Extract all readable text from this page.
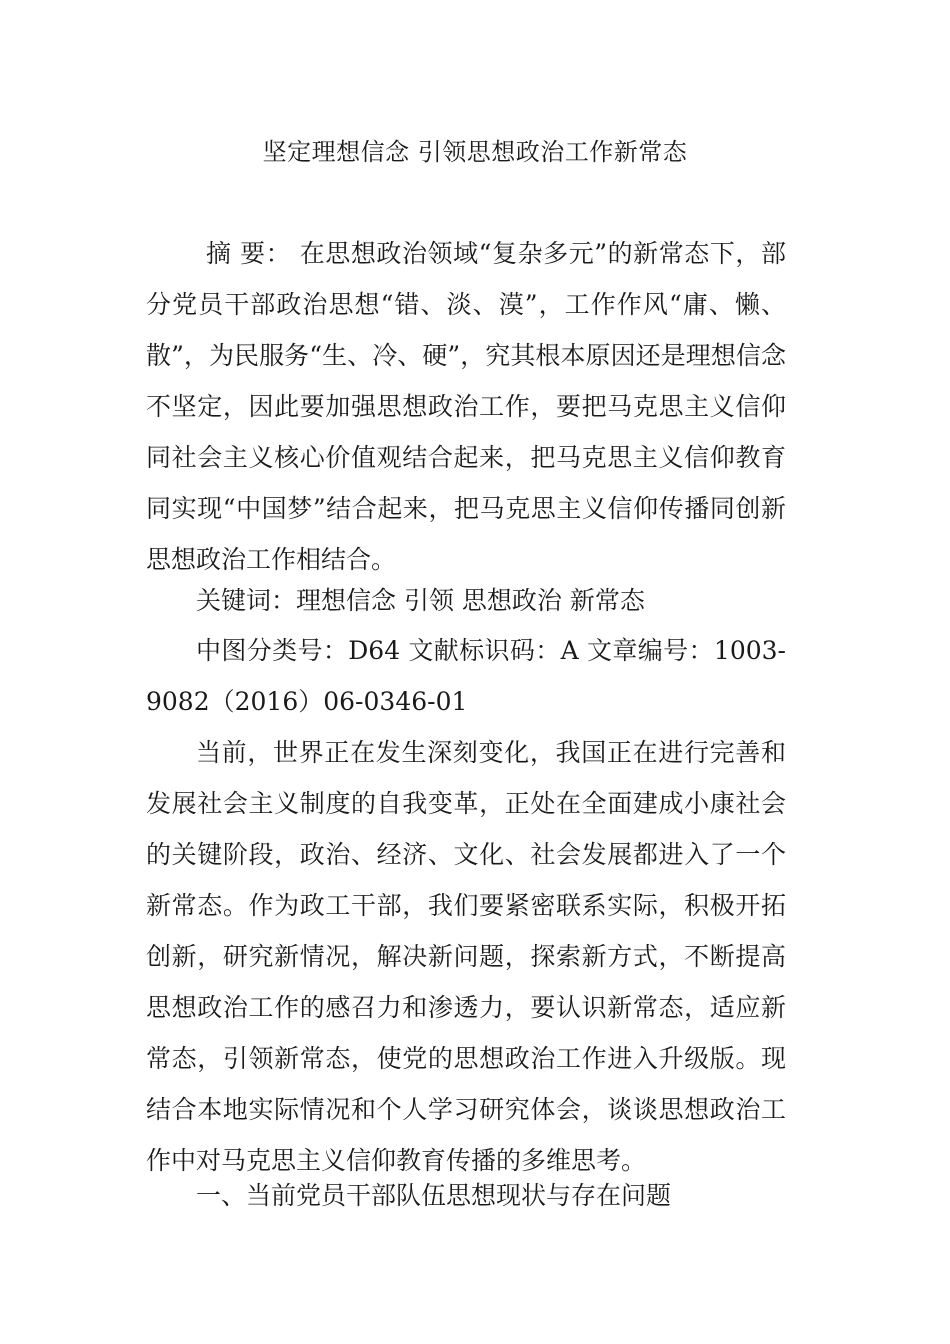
坚定理想信念 引领思想政治工作新常态
摘 要： 在思想政治领域“复杂多元”的新常态下，部分党员干部政治思想“错、淡、漠”，工作作风“庸、懒、散”，为民服务“生、冷、硬”，究其根本原因还是理想信念不坚定，因此要加强思想政治工作，要把马克思主义信仰同社会主义核心价值观结合起来，把马克思主义信仰教育同实现“中国梦”结合起来，把马克思主义信仰传播同创新思想政治工作相结合。
关键词：理想信念 引领 思想政治 新常态
中图分类号：D64 文献标识码：A 文章编号：1003-9082（2016）06-0346-01
当前，世界正在发生深刻变化，我国正在进行完善和发展社会主义制度的自我变革，正处在全面建成小康社会的关键阶段，政治、经济、文化、社会发展都进入了一个新常态。作为政工干部，我们要紧密联系实际，积极开拓创新，研究新情况，解决新问题，探索新方式，不断提高思想政治工作的感召力和渗透力，要认识新常态，适应新常态，引领新常态，使党的思想政治工作进入升级版。现结合本地实际情况和个人学习研究体会，谈谈思想政治工作中对马克思主义信仰教育传播的多维思考。
一、当前党员干部队伍思想现状与存在问题
